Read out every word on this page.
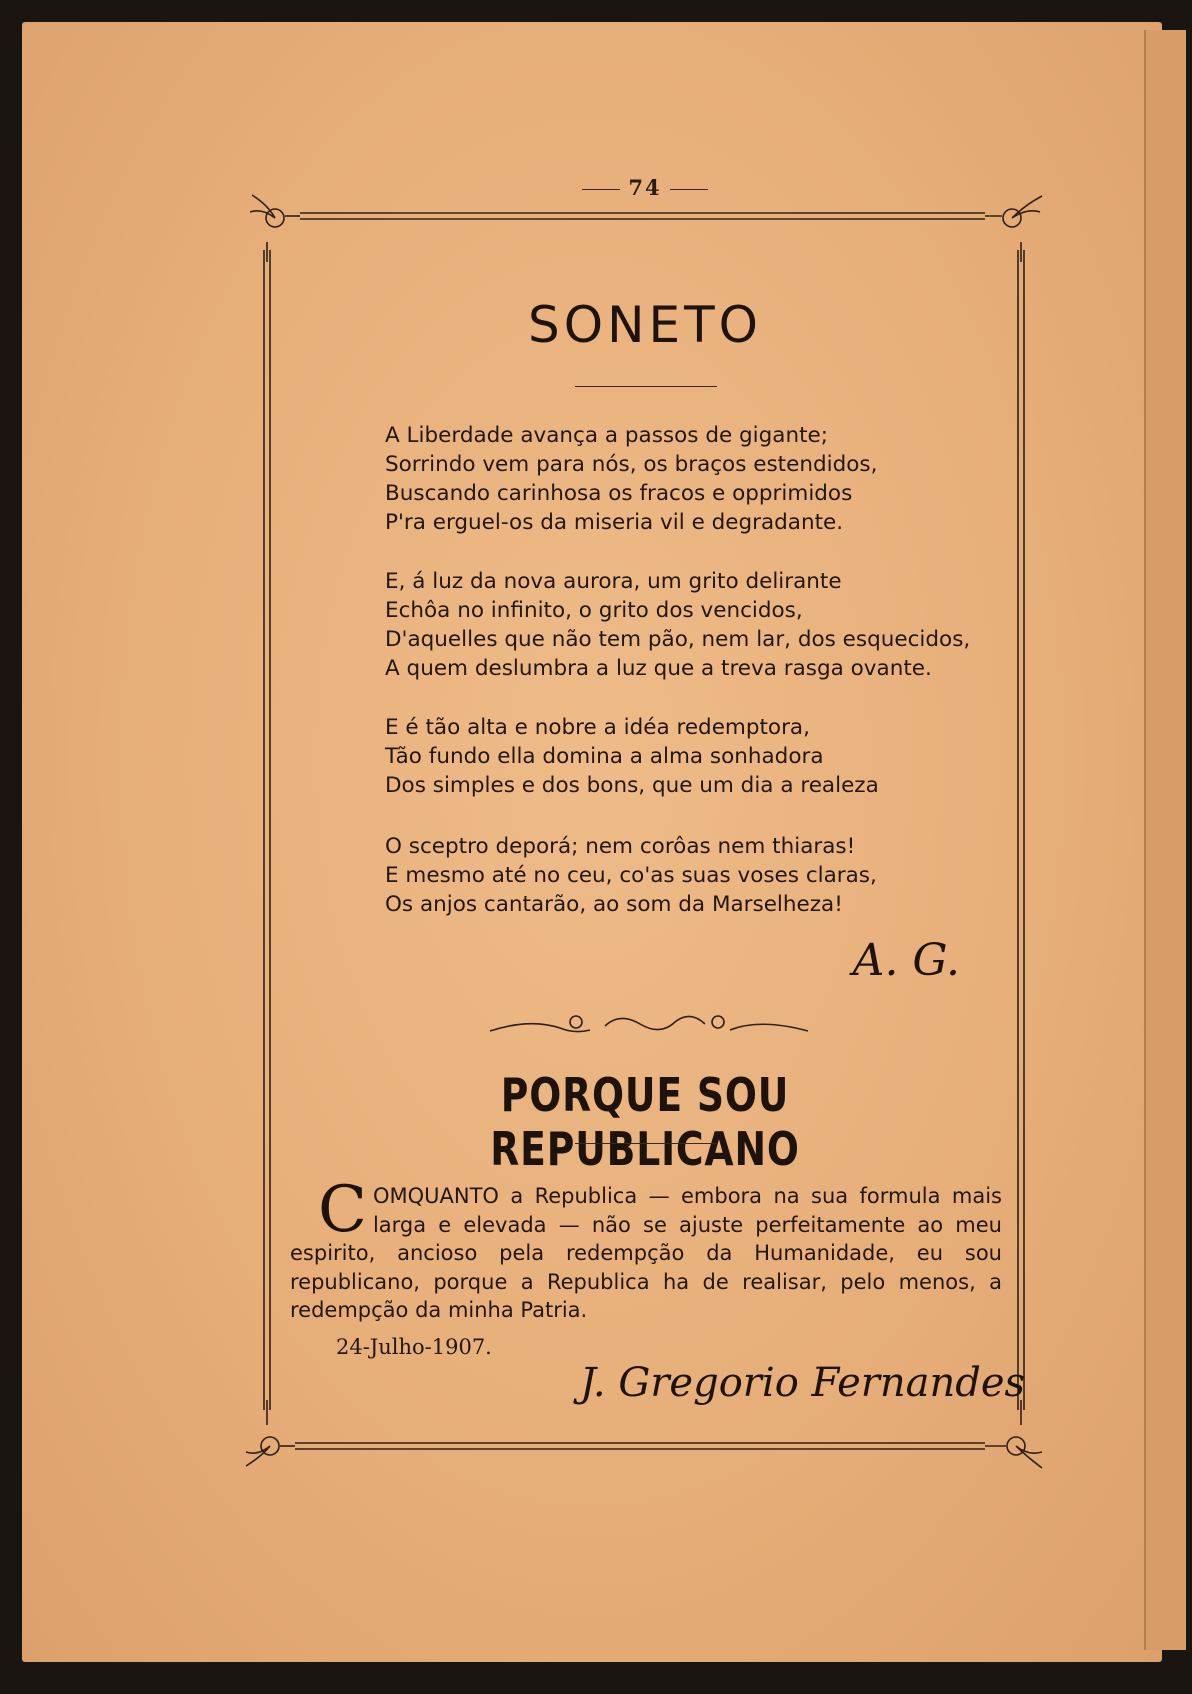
74
SONETO
A Liberdade avança a passos de gigante;
Sorrindo vem para nós, os braços estendidos,
Buscando carinhosa os fracos e opprimidos
P'ra erguel-os da miseria vil e degradante.
E, á luz da nova aurora, um grito delirante
Echôa no infinito, o grito dos vencidos,
D'aquelles que não tem pão, nem lar, dos esquecidos,
A quem deslumbra a luz que a treva rasga ovante.
E é tão alta e nobre a idéa redemptora,
Tão fundo ella domina a alma sonhadora
Dos simples e dos bons, que um dia a realeza
O sceptro deporá; nem corôas nem thiaras!
E mesmo até no ceu, co'as suas voses claras,
Os anjos cantarão, ao som da Marselheza!
A. G.
PORQUE SOU REPUBLICANO
COMQUANTO a Republica — embora na sua formula mais larga e elevada — não se ajuste perfeitamente ao meu espirito, ancioso pela redempção da Humanidade, eu sou republicano, porque a Republica ha de realisar, pelo menos, a redempção da minha Patria.
24-Julho-1907.
J. Gregorio Fernandes
